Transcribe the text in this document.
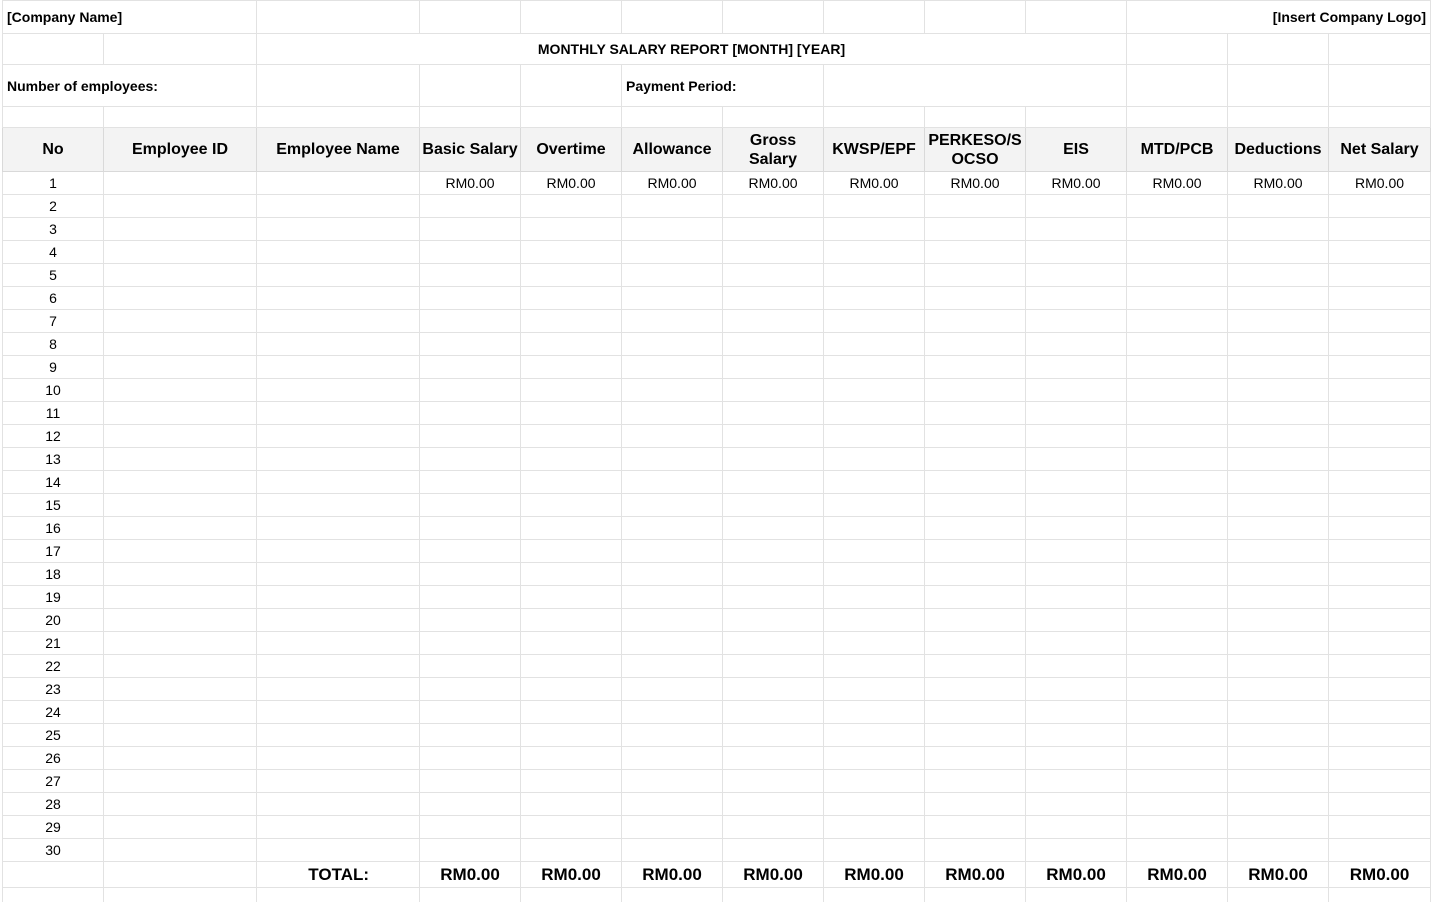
[Company Name]										[Insert Company Logo]		
		MONTHLY SALARY REPORT [MONTH] [YEAR]										
Number of employees:					Payment Period:							

No	Employee ID	Employee Name	Basic Salary	Overtime	Allowance	Gross Salary	KWSP/EPF	PERKESO/SOCSO	EIS	MTD/PCB	Deductions	Net Salary
1			RM0.00	RM0.00	RM0.00	RM0.00	RM0.00	RM0.00	RM0.00	RM0.00	RM0.00	RM0.00
2												
3												
4												
5												
6												
7												
8												
9												
10												
11												
12												
13												
14												
15												
16												
17												
18												
19												
20												
21												
22												
23												
24												
25												
26												
27												
28												
29												
30												
		TOTAL:	RM0.00	RM0.00	RM0.00	RM0.00	RM0.00	RM0.00	RM0.00	RM0.00	RM0.00	RM0.00
